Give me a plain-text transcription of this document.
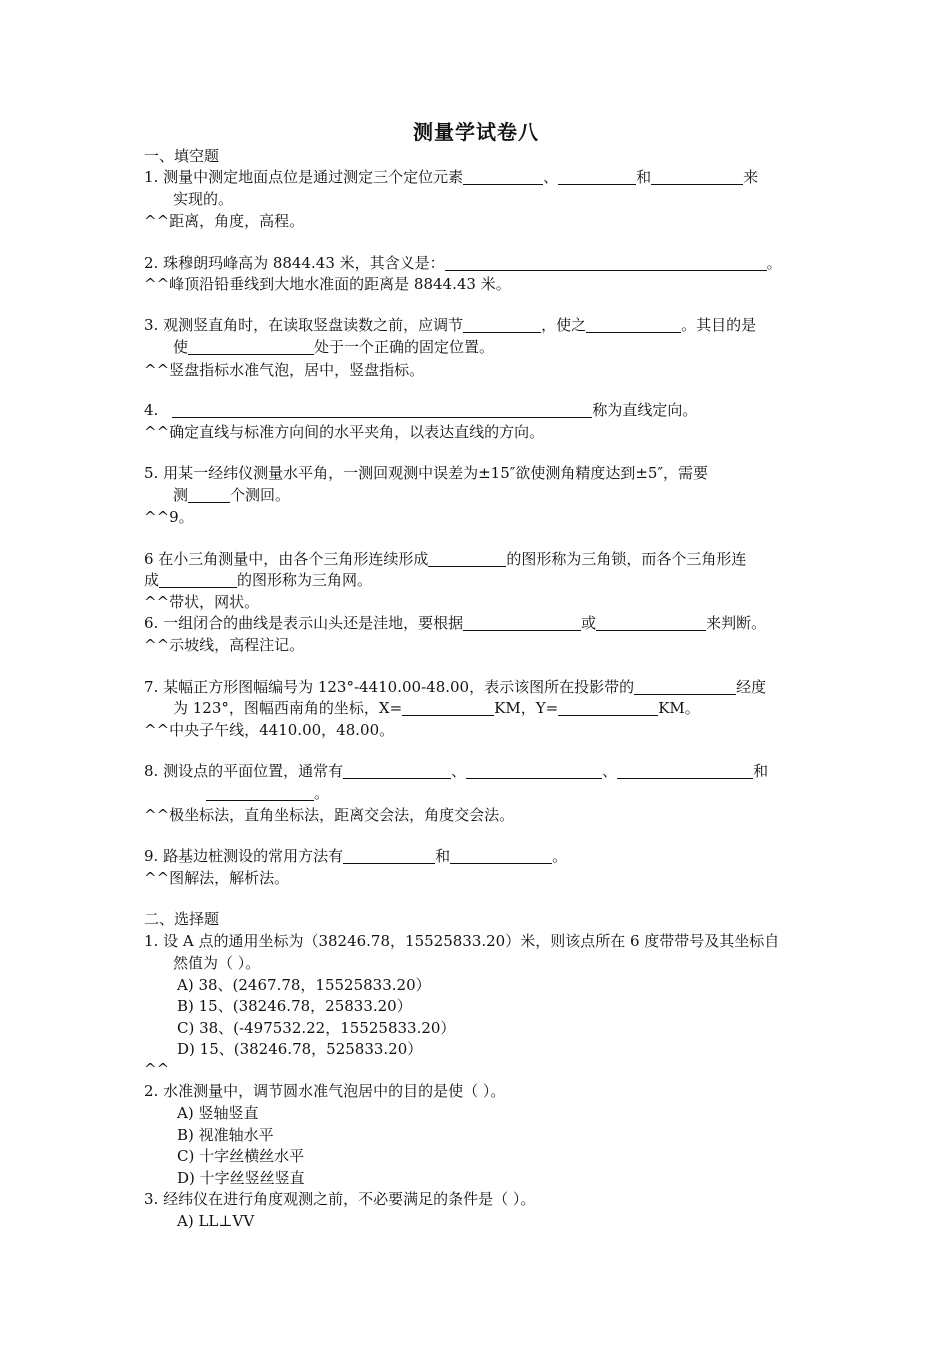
测量学试卷八
一、填空题
1. 测量中测定地面点位是通过测定三个定位元素	、	和	来
实现的。
^^距离，角度，高程。
2. 珠穆朗玛峰高为 8844.43 米，其含义是：	。
^^峰顶沿铅垂线到大地水准面的距离是 8844.43 米。
3. 观测竖直角时，在读取竖盘读数之前，应调节	，使之	。其目的是
使	处于一个正确的固定位置。
^^竖盘指标水准气泡，居中，竖盘指标。
4.	称为直线定向。
^^确定直线与标准方向间的水平夹角，以表达直线的方向。
5. 用某一经纬仪测量水平角，一测回观测中误差为±15″欲使测角精度达到±5″，需要
测	个测回。
^^9。
6 在小三角测量中，由各个三角形连续形成	的图形称为三角锁，而各个三角形连
成	的图形称为三角网。
^^带状，网状。
6. 一组闭合的曲线是表示山头还是洼地，要根据	或	来判断。
^^示坡线，高程注记。
7. 某幅正方形图幅编号为 123°-4410.00-48.00，表示该图所在投影带的	经度
为 123°，图幅西南角的坐标，X=	KM，Y=	KM。
^^中央子午线，4410.00，48.00。
8. 测设点的平面位置，通常有	、	、	和
。
^^极坐标法，直角坐标法，距离交会法，角度交会法。
9. 路基边桩测设的常用方法有	和	。
^^图解法，解析法。
二、选择题
1. 设 A 点的通用坐标为（38246.78，15525833.20）米，则该点所在 6 度带带号及其坐标自
然值为（ ）。
A) 38、(2467.78，15525833.20）
B) 15、(38246.78，25833.20）
C) 38、(-497532.22，15525833.20）
D) 15、(38246.78，525833.20）
^^
2. 水准测量中，调节圆水准气泡居中的目的是使（ ）。
A) 竖轴竖直
B) 视准轴水平
C) 十字丝横丝水平
D) 十字丝竖丝竖直
3. 经纬仪在进行角度观测之前，不必要满足的条件是（ ）。
A) LL⊥VV
